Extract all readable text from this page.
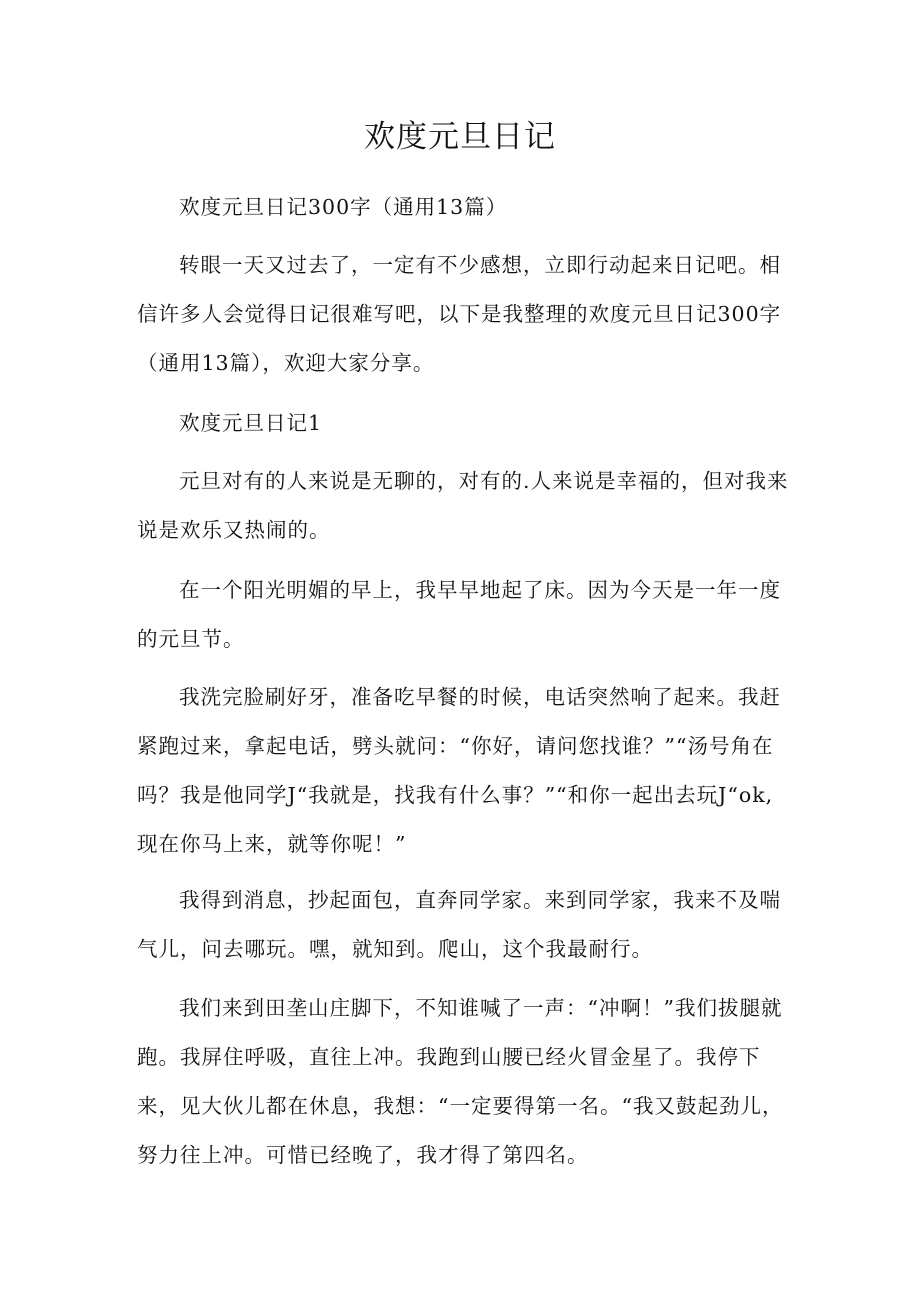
欢度元旦日记

欢度元旦日记300字（通用13篇）

转眼一天又过去了，一定有不少感想，立即行动起来日记吧。相信许多人会觉得日记很难写吧，以下是我整理的欢度元旦日记300字（通用13篇），欢迎大家分享。

欢度元旦日记1

元旦对有的人来说是无聊的，对有的.人来说是幸福的，但对我来说是欢乐又热闹的。

在一个阳光明媚的早上，我早早地起了床。因为今天是一年一度的元旦节。

我洗完脸刷好牙，准备吃早餐的时候，电话突然响了起来。我赶紧跑过来，拿起电话，劈头就问：“你好，请问您找谁？”“汤号角在吗？我是他同学J“我就是，找我有什么事？”“和你一起出去玩J“ok,现在你马上来，就等你呢！”

我得到消息，抄起面包，直奔同学家。来到同学家，我来不及喘气儿，问去哪玩。嘿，就知到。爬山，这个我最耐行。

我们来到田垄山庄脚下，不知谁喊了一声：“冲啊！”我们拔腿就跑。我屏住呼吸，直往上冲。我跑到山腰已经火冒金星了。我停下来，见大伙儿都在休息，我想：“一定要得第一名。“我又鼓起劲儿，努力往上冲。可惜已经晚了，我才得了第四名。
